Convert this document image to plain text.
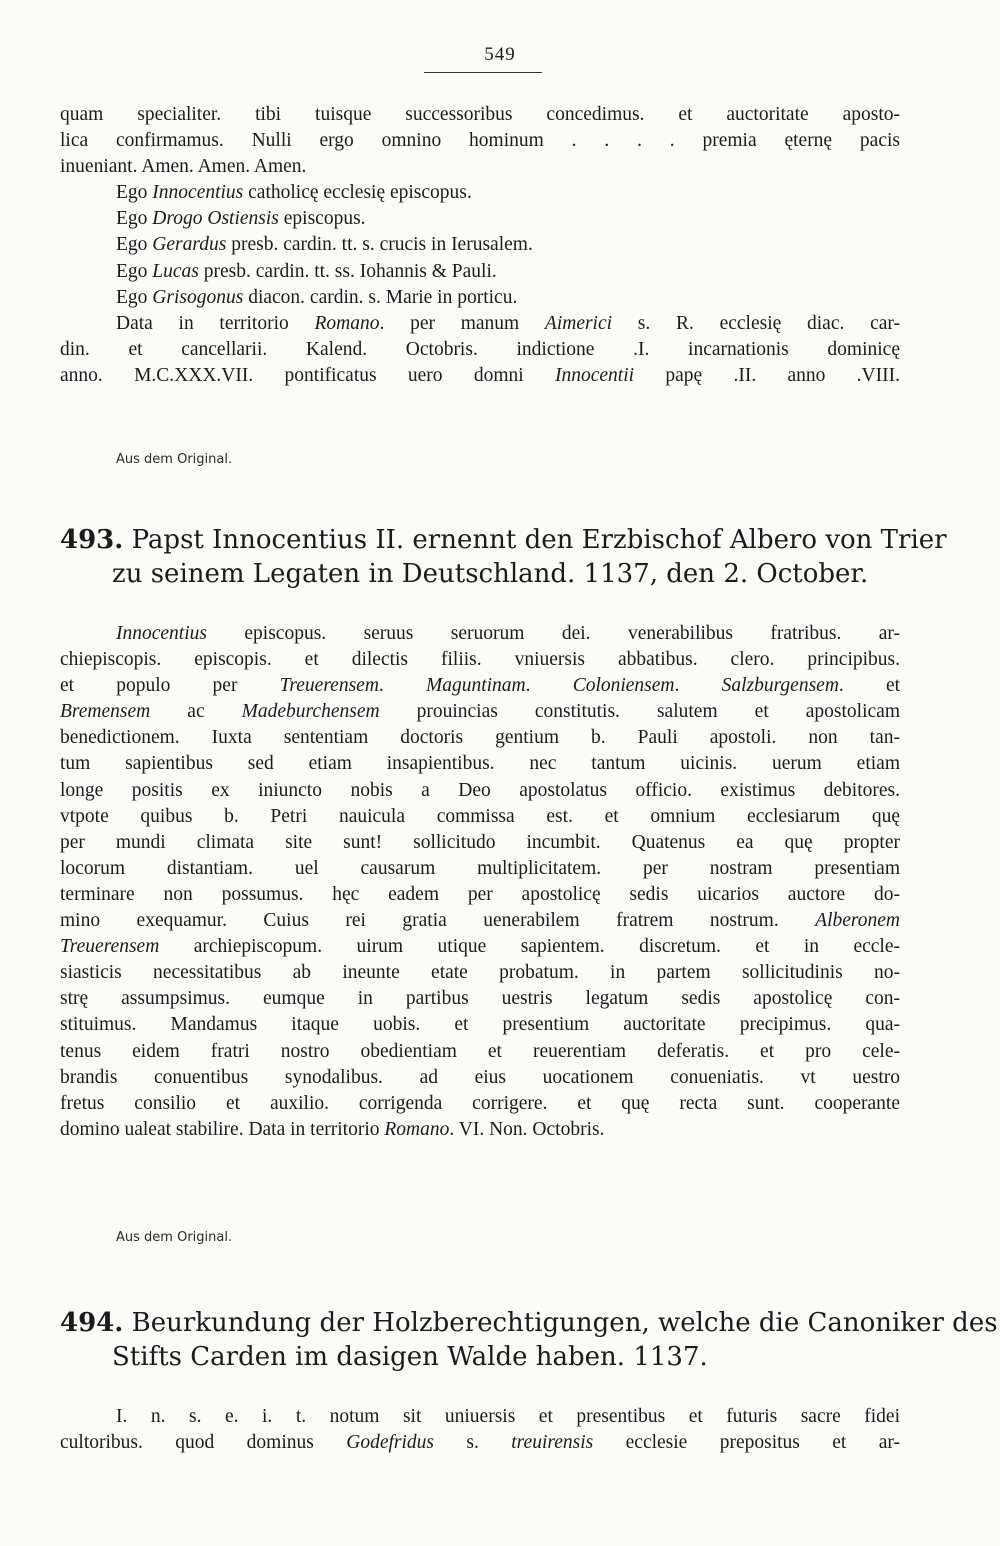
549
quam specialiter. tibi tuisque successoribus concedimus. et auctoritate aposto-
lica confirmamus. Nulli ergo omnino hominum . . . . premia ęternę pacis
inueniant. Amen. Amen. Amen.
Ego Innocentius catholicę ecclesię episcopus.
Ego Drogo Ostiensis episcopus.
Ego Gerardus presb. cardin. tt. s. crucis in Ierusalem.
Ego Lucas presb. cardin. tt. ss. Iohannis & Pauli.
Ego Grisogonus diacon. cardin. s. Marie in porticu.
Data in territorio Romano. per manum Aimerici s. R. ecclesię diac. car-
din. et cancellarii. Kalend. Octobris. indictione .I. incarnationis dominicę
anno. M.C.XXX.VII. pontificatus uero domni Innocentii papę .II. anno .VIII.
Aus dem Original.
493. Papst Innocentius II. ernennt den Erzbischof Albero von Trier
zu seinem Legaten in Deutschland. 1137, den 2. October.
Innocentius episcopus. seruus seruorum dei. venerabilibus fratribus. ar-
chiepiscopis. episcopis. et dilectis filiis. vniuersis abbatibus. clero. principibus.
et populo per Treuerensem. Maguntinam. Coloniensem. Salzburgensem. et
Bremensem ac Madeburchensem prouincias constitutis. salutem et apostolicam
benedictionem. Iuxta sententiam doctoris gentium b. Pauli apostoli. non tan-
tum sapientibus sed etiam insapientibus. nec tantum uicinis. uerum etiam
longe positis ex iniuncto nobis a Deo apostolatus officio. existimus debitores.
vtpote quibus b. Petri nauicula commissa est. et omnium ecclesiarum quę
per mundi climata site sunt! sollicitudo incumbit. Quatenus ea quę propter
locorum distantiam. uel causarum multiplicitatem. per nostram presentiam
terminare non possumus. hęc eadem per apostolicę sedis uicarios auctore do-
mino exequamur. Cuius rei gratia uenerabilem fratrem nostrum. Alberonem
Treuerensem archiepiscopum. uirum utique sapientem. discretum. et in eccle-
siasticis necessitatibus ab ineunte etate probatum. in partem sollicitudinis no-
strę assumpsimus. eumque in partibus uestris legatum sedis apostolicę con-
stituimus. Mandamus itaque uobis. et presentium auctoritate precipimus. qua-
tenus eidem fratri nostro obedientiam et reuerentiam deferatis. et pro cele-
brandis conuentibus synodalibus. ad eius uocationem conueniatis. vt uestro
fretus consilio et auxilio. corrigenda corrigere. et quę recta sunt. cooperante
domino ualeat stabilire. Data in territorio Romano. VI. Non. Octobris.
Aus dem Original.
494. Beurkundung der Holzberechtigungen, welche die Canoniker des
Stifts Carden im dasigen Walde haben. 1137.
I. n. s. e. i. t. notum sit uniuersis et presentibus et futuris sacre fidei
cultoribus. quod dominus Godefridus s. treuirensis ecclesie prepositus et ar-
